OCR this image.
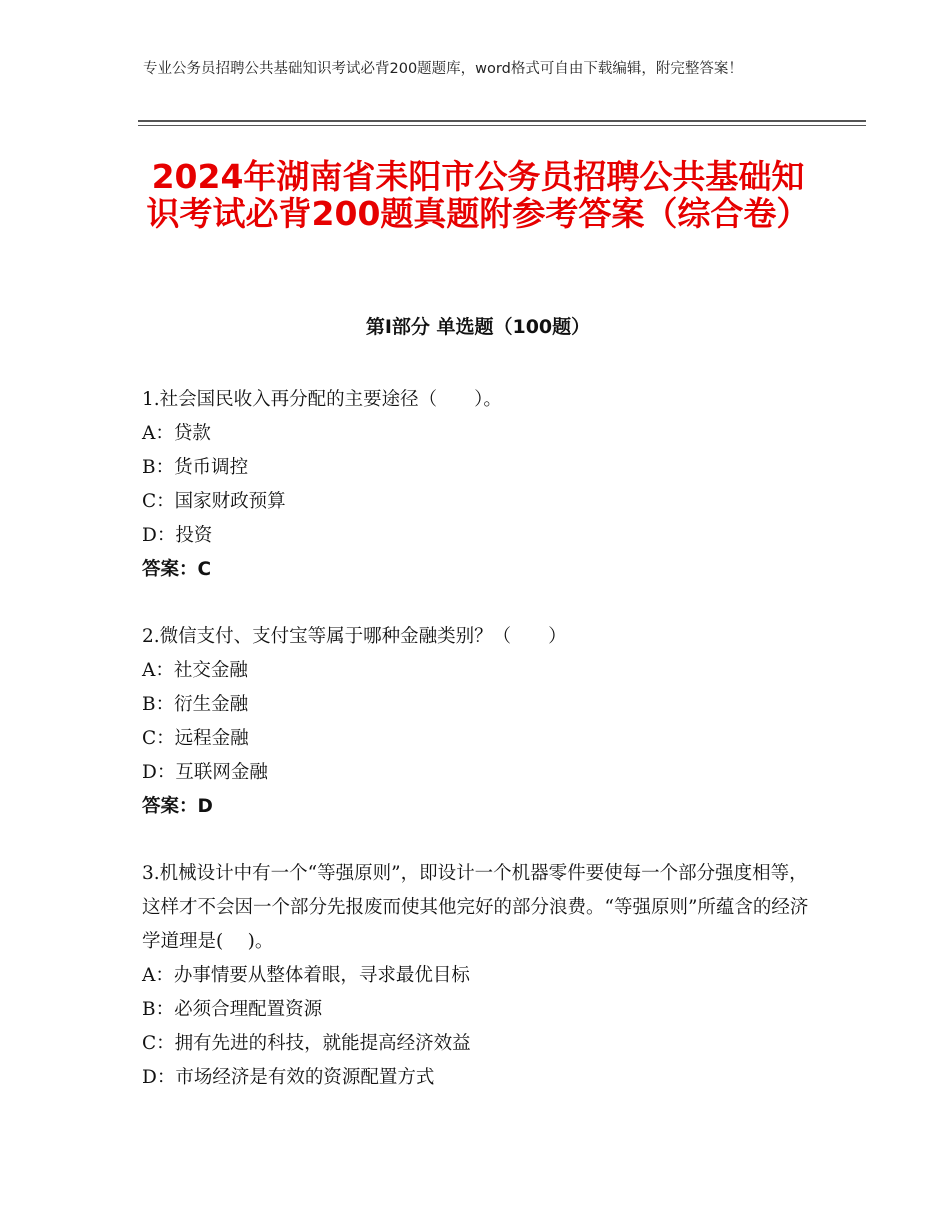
专业公务员招聘公共基础知识考试必背200题题库，word格式可自由下载编辑，附完整答案！
2024年湖南省耒阳市公务员招聘公共基础知识考试必背200题真题附参考答案（综合卷）
第Ⅰ部分 单选题（100题）
1.社会国民收入再分配的主要途径（　　）。
A：贷款
B：货币调控
C：国家财政预算
D：投资
答案：C
2.微信支付、支付宝等属于哪种金融类别？（　　）
A：社交金融
B：衍生金融
C：远程金融
D：互联网金融
答案：D
3.机械设计中有一个“等强原则”，即设计一个机器零件要使每一个部分强度相等，这样才不会因一个部分先报废而使其他完好的部分浪费。“等强原则”所蕴含的经济学道理是(　 )。
A：办事情要从整体着眼，寻求最优目标
B：必须合理配置资源
C：拥有先进的科技，就能提高经济效益
D：市场经济是有效的资源配置方式
